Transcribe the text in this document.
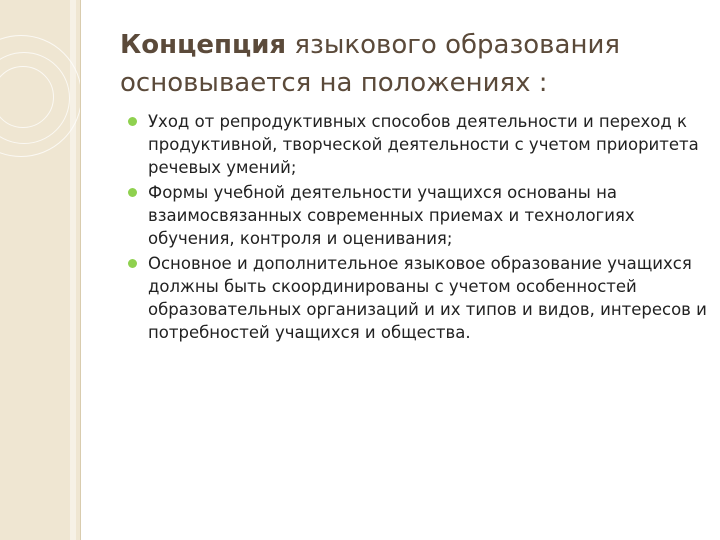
Концепция языкового образования основывается на положениях :
Уход от репродуктивных способов деятельности и переход к продуктивной, творческой деятельности с учетом приоритета речевых умений;
Формы учебной деятельности учащихся основаны на взаимосвязанных современных приемах и технологиях обучения, контроля и оценивания;
Основное и дополнительное языковое образование учащихся должны быть скоординированы с учетом особенностей образовательных организаций и их типов и видов, интересов и потребностей учащихся и общества.
